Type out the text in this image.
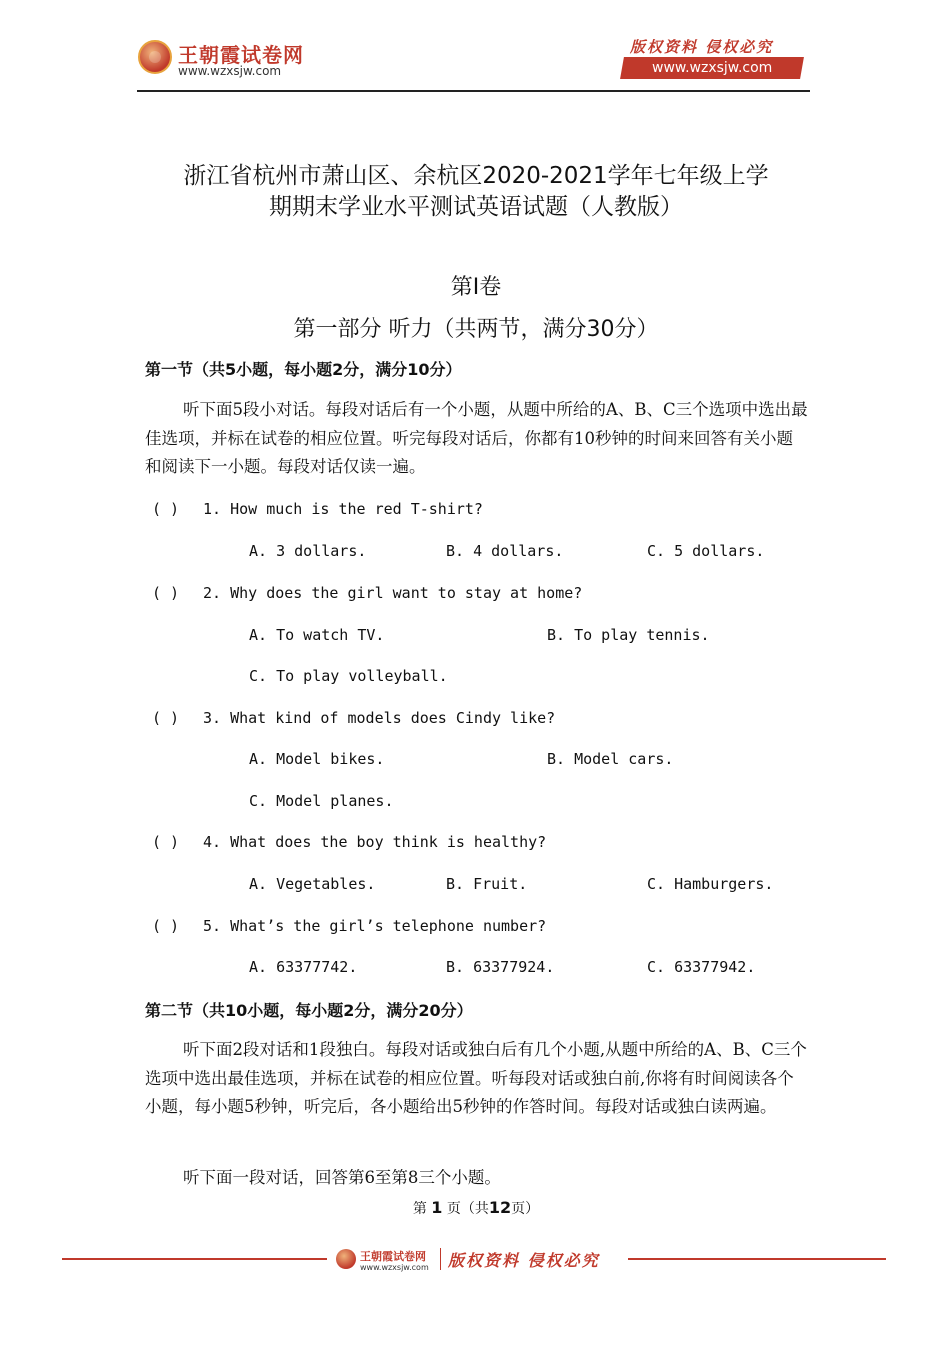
王朝霞试卷网
www.wzxsjw.com
版权资料 侵权必究
www.wzxsjw.com
浙江省杭州市萧山区、余杭区2020-2021学年七年级上学
期期末学业水平测试英语试题（人教版）
第Ⅰ卷
第一部分 听力（共两节，满分30分）
第一节（共5小题，每小题2分，满分10分）

听下面5段小对话。每段对话后有一个小题，从题中所给的A、B、C三个选项中选出最佳选项，并标在试卷的相应位置。听完每段对话后，你都有10秒钟的时间来回答有关小题和阅读下一小题。每段对话仅读一遍。

( ) 1. How much is the red T-shirt?
A. 3 dollars.	B. 4 dollars.	C. 5 dollars.
( ) 2. Why does the girl want to stay at home?
A. To watch TV.	B. To play tennis.
C. To play volleyball.
( ) 3. What kind of models does Cindy like?
A. Model bikes.	B. Model cars.
C. Model planes.
( ) 4. What does the boy think is healthy?
A. Vegetables.	B. Fruit.	C. Hamburgers.
( ) 5. What’s the girl’s telephone number?
A. 63377742.	B. 63377924.	C. 63377942.
第二节（共10小题，每小题2分，满分20分）

听下面2段对话和1段独白。每段对话或独白后有几个小题,从题中所给的A、B、C三个选项中选出最佳选项，并标在试卷的相应位置。听每段对话或独白前,你将有时间阅读各个小题，每小题5秒钟，听完后，各小题给出5秒钟的作答时间。每段对话或独白读两遍。

听下面一段对话，回答第6至第8三个小题。

第 1 页（共12页）
王朝霞试卷网
www.wzxsjw.com 版权资料 侵权必究
